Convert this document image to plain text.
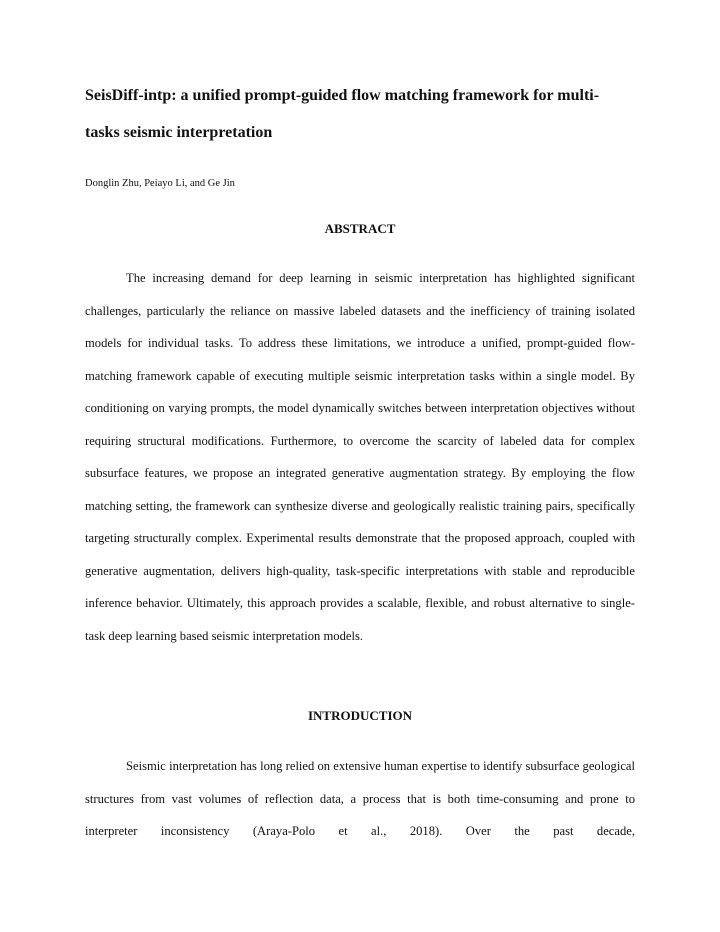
SeisDiff-intp: a unified prompt-guided flow matching framework for multi-
tasks seismic interpretation
Donglin Zhu, Peiayo Li, and Ge Jin
ABSTRACT
The increasing demand for deep learning in seismic interpretation has highlighted significant challenges, particularly the reliance on massive labeled datasets and the inefficiency of training isolated models for individual tasks. To address these limitations, we introduce a unified, prompt-guided flow-matching framework capable of executing multiple seismic interpretation tasks within a single model. By conditioning on varying prompts, the model dynamically switches between interpretation objectives without requiring structural modifications. Furthermore, to overcome the scarcity of labeled data for complex subsurface features, we propose an integrated generative augmentation strategy. By employing the flow matching setting, the framework can synthesize diverse and geologically realistic training pairs, specifically targeting structurally complex. Experimental results demonstrate that the proposed approach, coupled with generative augmentation, delivers high-quality, task-specific interpretations with stable and reproducible inference behavior. Ultimately, this approach provides a scalable, flexible, and robust alternative to single-task deep learning based seismic interpretation models.
INTRODUCTION
Seismic interpretation has long relied on extensive human expertise to identify subsurface geological structures from vast volumes of reflection data, a process that is both time-consuming and prone to interpreter inconsistency (Araya-Polo et al., 2018). Over the past decade,
